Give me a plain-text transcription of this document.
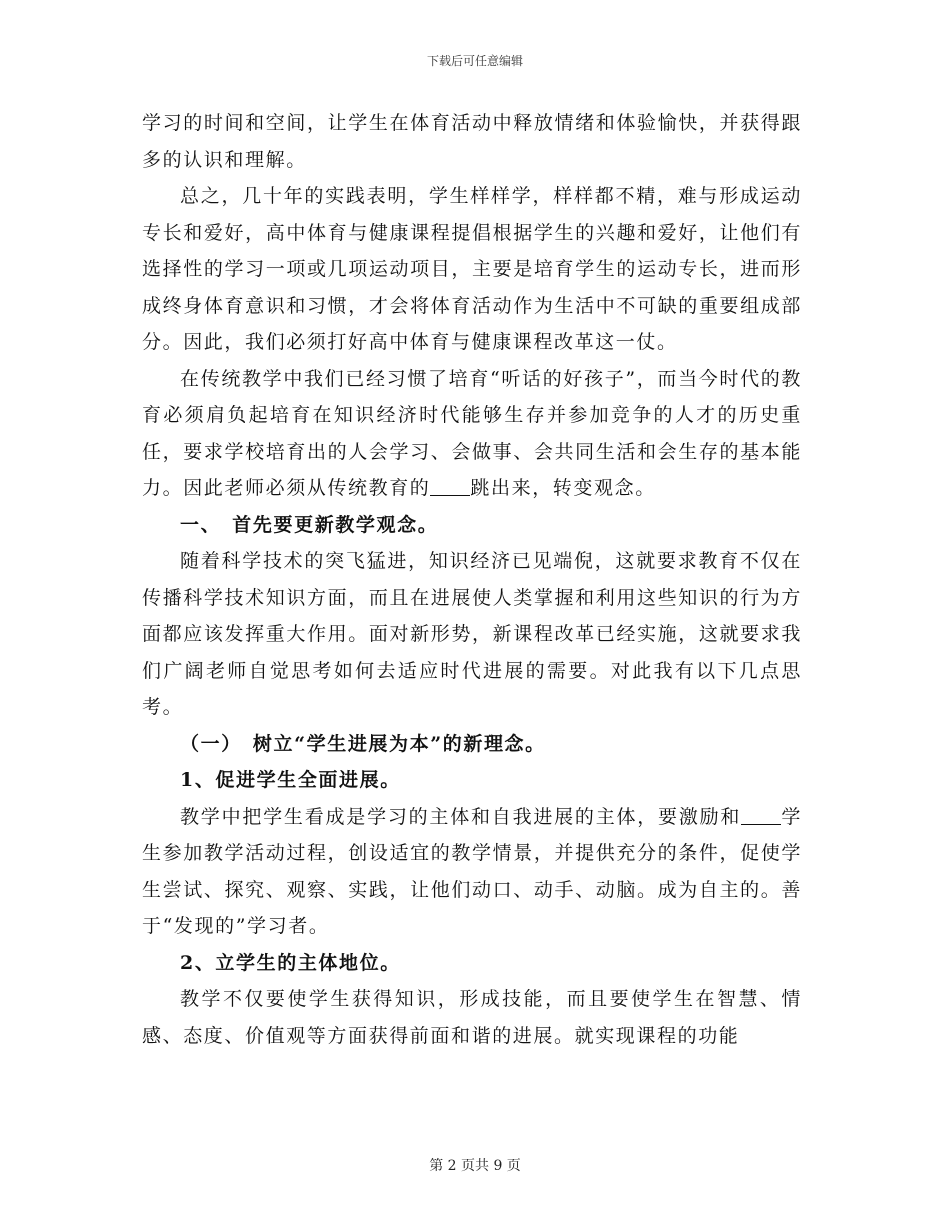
下载后可任意编辑

学习的时间和空间，让学生在体育活动中释放情绪和体验愉快，并获得跟多的认识和理解。

总之，几十年的实践表明，学生样样学，样样都不精，难与形成运动专长和爱好，高中体育与健康课程提倡根据学生的兴趣和爱好，让他们有选择性的学习一项或几项运动项目，主要是培育学生的运动专长，进而形成终身体育意识和习惯，才会将体育活动作为生活中不可缺的重要组成部分。因此，我们必须打好高中体育与健康课程改革这一仗。

在传统教学中我们已经习惯了培育“听话的好孩子”，而当今时代的教育必须肩负起培育在知识经济时代能够生存并参加竞争的人才的历史重任，要求学校培育出的人会学习、会做事、会共同生活和会生存的基本能力。因此老师必须从传统教育的 跳出来，转变观念。

一、　首先要更新教学观念。

随着科学技术的突飞猛进，知识经济已见端倪，这就要求教育不仅在传播科学技术知识方面，而且在进展使人类掌握和利用这些知识的行为方面都应该发挥重大作用。面对新形势，新课程改革已经实施，这就要求我们广阔老师自觉思考如何去适应时代进展的需要。对此我有以下几点思考。

（一）　树立“学生进展为本”的新理念。

1、促进学生全面进展。

教学中把学生看成是学习的主体和自我进展的主体，要激励和 学生参加教学活动过程，创设适宜的教学情景，并提供充分的条件，促使学生尝试、探究、观察、实践，让他们动口、动手、动脑。成为自主的。善于“发现的”学习者。

2、立学生的主体地位。

教学不仅要使学生获得知识，形成技能，而且要使学生在智慧、情感、态度、价值观等方面获得前面和谐的进展。就实现课程的功能

第 2 页共 9 页
